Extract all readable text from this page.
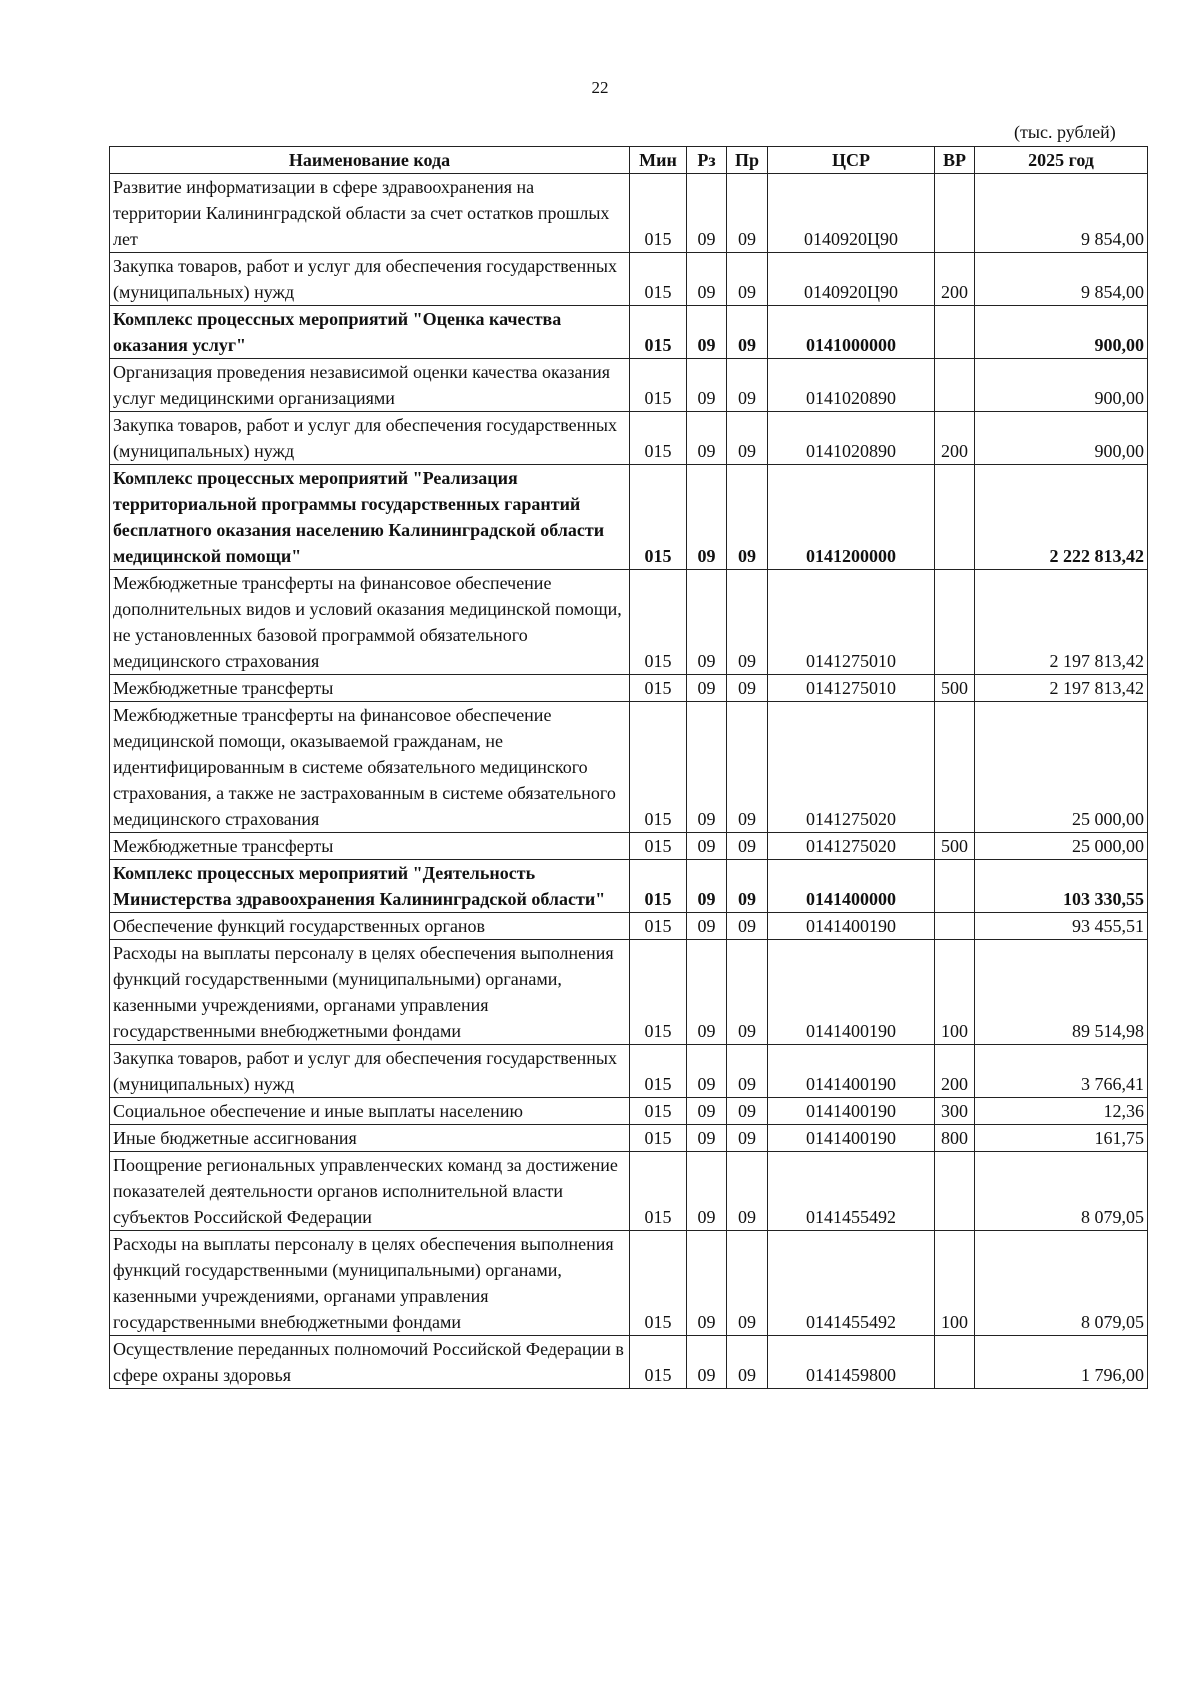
22
(тыс. рублей)
Наименование кода	Мин	Рз	Пр	ЦСР	ВР	2025 год
Развитие информатизации в сфере здравоохранения на территории Калининградской области за счет остатков прошлых лет	015	09	09	0140920Ц90		9 854,00
Закупка товаров, работ и услуг для обеспечения государственных (муниципальных) нужд	015	09	09	0140920Ц90	200	9 854,00
Комплекс процессных мероприятий "Оценка качества оказания услуг"	015	09	09	0141000000		900,00
Организация проведения независимой оценки качества оказания услуг медицинскими организациями	015	09	09	0141020890		900,00
Закупка товаров, работ и услуг для обеспечения государственных (муниципальных) нужд	015	09	09	0141020890	200	900,00
Комплекс процессных мероприятий "Реализация территориальной программы государственных гарантий бесплатного оказания населению Калининградской области медицинской помощи"	015	09	09	0141200000		2 222 813,42
Межбюджетные трансферты на финансовое обеспечение дополнительных видов и условий оказания медицинской помощи, не установленных базовой программой обязательного медицинского страхования	015	09	09	0141275010		2 197 813,42
Межбюджетные трансферты	015	09	09	0141275010	500	2 197 813,42
Межбюджетные трансферты на финансовое обеспечение медицинской помощи, оказываемой гражданам, не идентифицированным в системе обязательного медицинского страхования, а также не застрахованным в системе обязательного медицинского страхования	015	09	09	0141275020		25 000,00
Межбюджетные трансферты	015	09	09	0141275020	500	25 000,00
Комплекс процессных мероприятий "Деятельность Министерства здравоохранения Калининградской области"	015	09	09	0141400000		103 330,55
Обеспечение функций государственных органов	015	09	09	0141400190		93 455,51
Расходы на выплаты персоналу в целях обеспечения выполнения функций государственными (муниципальными) органами, казенными учреждениями, органами управления государственными внебюджетными фондами	015	09	09	0141400190	100	89 514,98
Закупка товаров, работ и услуг для обеспечения государственных (муниципальных) нужд	015	09	09	0141400190	200	3 766,41
Социальное обеспечение и иные выплаты населению	015	09	09	0141400190	300	12,36
Иные бюджетные ассигнования	015	09	09	0141400190	800	161,75
Поощрение региональных управленческих команд за достижение показателей деятельности органов исполнительной власти субъектов Российской Федерации	015	09	09	0141455492		8 079,05
Расходы на выплаты персоналу в целях обеспечения выполнения функций государственными (муниципальными) органами, казенными учреждениями, органами управления государственными внебюджетными фондами	015	09	09	0141455492	100	8 079,05
Осуществление переданных полномочий Российской Федерации в сфере охраны здоровья	015	09	09	0141459800		1 796,00
